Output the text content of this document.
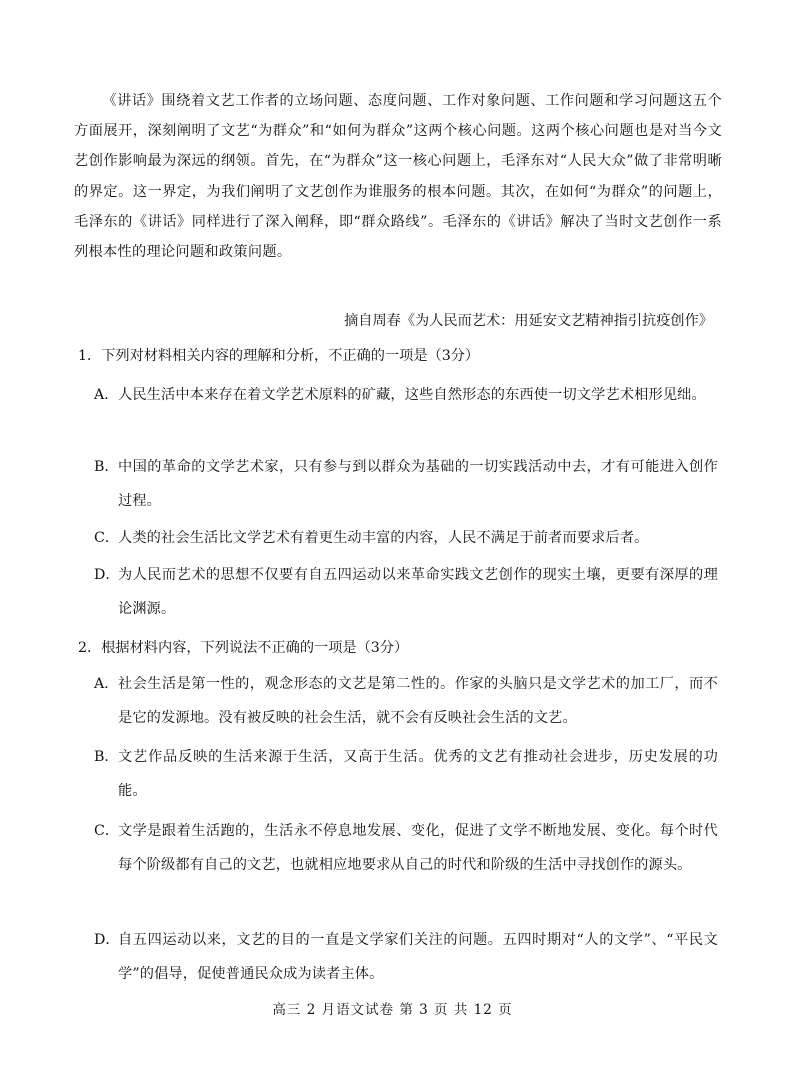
《讲话》围绕着文艺工作者的立场问题、态度问题、工作对象问题、工作问题和学习问题这五个方面展开，深刻阐明了文艺“为群众”和“如何为群众”这两个核心问题。这两个核心问题也是对当今文艺创作影响最为深远的纲领。首先，在“为群众”这一核心问题上，毛泽东对“人民大众”做了非常明晰的界定。这一界定，为我们阐明了文艺创作为谁服务的根本问题。其次，在如何“为群众”的问题上，毛泽东的《讲话》同样进行了深入阐释，即“群众路线”。毛泽东的《讲话》解决了当时文艺创作一系列根本性的理论问题和政策问题。

摘自周春《为人民而艺术：用延安文艺精神指引抗疫创作》
1．下列对材料相关内容的理解和分析，不正确的一项是（3分）
A． 人民生活中本来存在着文学艺术原料的矿藏，这些自然形态的东西使一切文学艺术相形见绌。
B． 中国的革命的文学艺术家，只有参与到以群众为基础的一切实践活动中去，才有可能进入创作过程。
C．
人类的社会生活比文学艺术有着更生动丰富的内容，人民不满足于前者而要求后者。
D．
为人民而艺术的思想不仅要有自五四运动以来革命实践文艺创作的现实土壤，更要有深厚的理论渊源。
2．根据材料内容，下列说法不正确的一项是（3分）
A． 社会生活是第一性的，观念形态的文艺是第二性的。作家的头脑只是文学艺术的加工厂，而不是它的发源地。没有被反映的社会生活，就不会有反映社会生活的文艺。
B． 文艺作品反映的生活来源于生活，又高于生活。优秀的文艺有推动社会进步，历史发展的功能。
C．
文学是跟着生活跑的，生活永不停息地发展、变化，促进了文学不断地发展、变化。每个时代每个阶级都有自己的文艺，也就相应地要求从自己的时代和阶级的生活中寻找创作的源头。
D．
自五四运动以来，文艺的目的一直是文学家们关注的问题。五四时期对“人的文学”、“平民文学”的倡导，促使普通民众成为读者主体。
高三 2 月语文试卷 第 3 页 共 12 页
